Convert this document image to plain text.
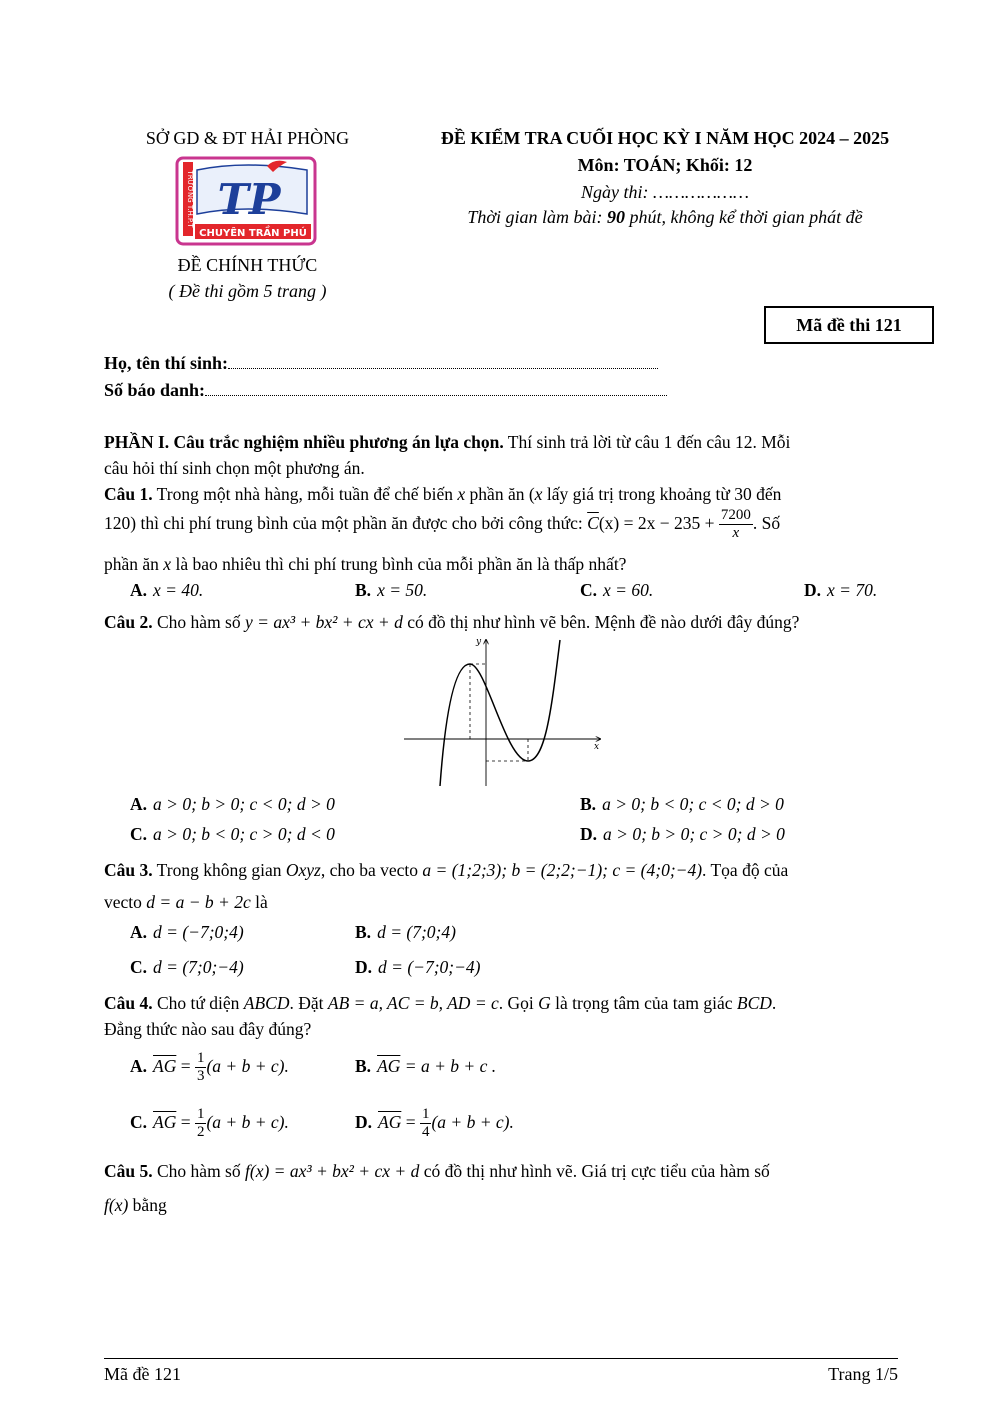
SỞ GD & ĐT HẢI PHÒNG	ĐỀ KIỂM TRA CUỐI HỌC KỲ I NĂM HỌC 2024 – 2025
Môn: TOÁN; Khối: 12
Ngày thi: ………………
Thời gian làm bài: 90 phút, không kể thời gian phát đề
TRƯỜNG T.H.P.T TP
CHUYÊN TRẦN PHÚ
ĐỀ CHÍNH THỨC
( Đề thi gồm 5 trang )
Mã đề thi 121
Họ, tên thí sinh:
Số báo danh:
PHẦN I. Câu trắc nghiệm nhiều phương án lựa chọn. Thí sinh trả lời từ câu 1 đến câu 12. Mỗi
câu hỏi thí sinh chọn một phương án.
Câu 1. Trong một nhà hàng, mỗi tuần để chế biến x phần ăn (x lấy giá trị trong khoảng từ 30 đến
120) thì chi phí trung bình của một phần ăn được cho bởi công thức: $\overline{C}(x) = 2x - 235 + \frac{7200}{x}$ . Số
phần ăn x là bao nhiêu thì chi phí trung bình của mỗi phần ăn là thấp nhất?
A. x = 40.	B. x = 50.	C. x = 60.	D. x = 70.
Câu 2. Cho hàm số y = ax³ + bx² + cx + d có đồ thị như hình vẽ bên. Mệnh đề nào dưới đây đúng?
x
y
A. a > 0; b > 0; c < 0; d > 0	B. a > 0; b < 0; c < 0; d > 0
C. a > 0; b < 0; c > 0; d < 0	D. a > 0; b > 0; c > 0; d > 0
Câu 3. Trong không gian Oxyz, cho ba vecto a = (1;2;3); b = (2;2;−1); c = (4;0;−4). Tọa độ của
vecto d = a − b + 2c là
A. d = (−7;0;4)	B. d = (7;0;4)
C. d = (7;0;−4)	D. d = (−7;0;−4)
Câu 4. Cho tứ diện ABCD. Đặt AB = a, AC = b, AD = c. Gọi G là trọng tâm của tam giác BCD.
Đẳng thức nào sau đây đúng?
A. $\overline{AG} = \frac{1}{3} (a + b + c)$.	B. $\overline{AG} = a + b + c$ .
C. $\overline{AG} = \frac{1}{2} (a + b + c)$.	D. $\overline{AG} = \frac{1}{4} (a + b + c)$.
Câu 5. Cho hàm số f(x) = ax³ + bx² + cx + d có đồ thị như hình vẽ. Giá trị cực tiểu của hàm số
f(x) bằng
Mã đề 121	Trang 1/5
